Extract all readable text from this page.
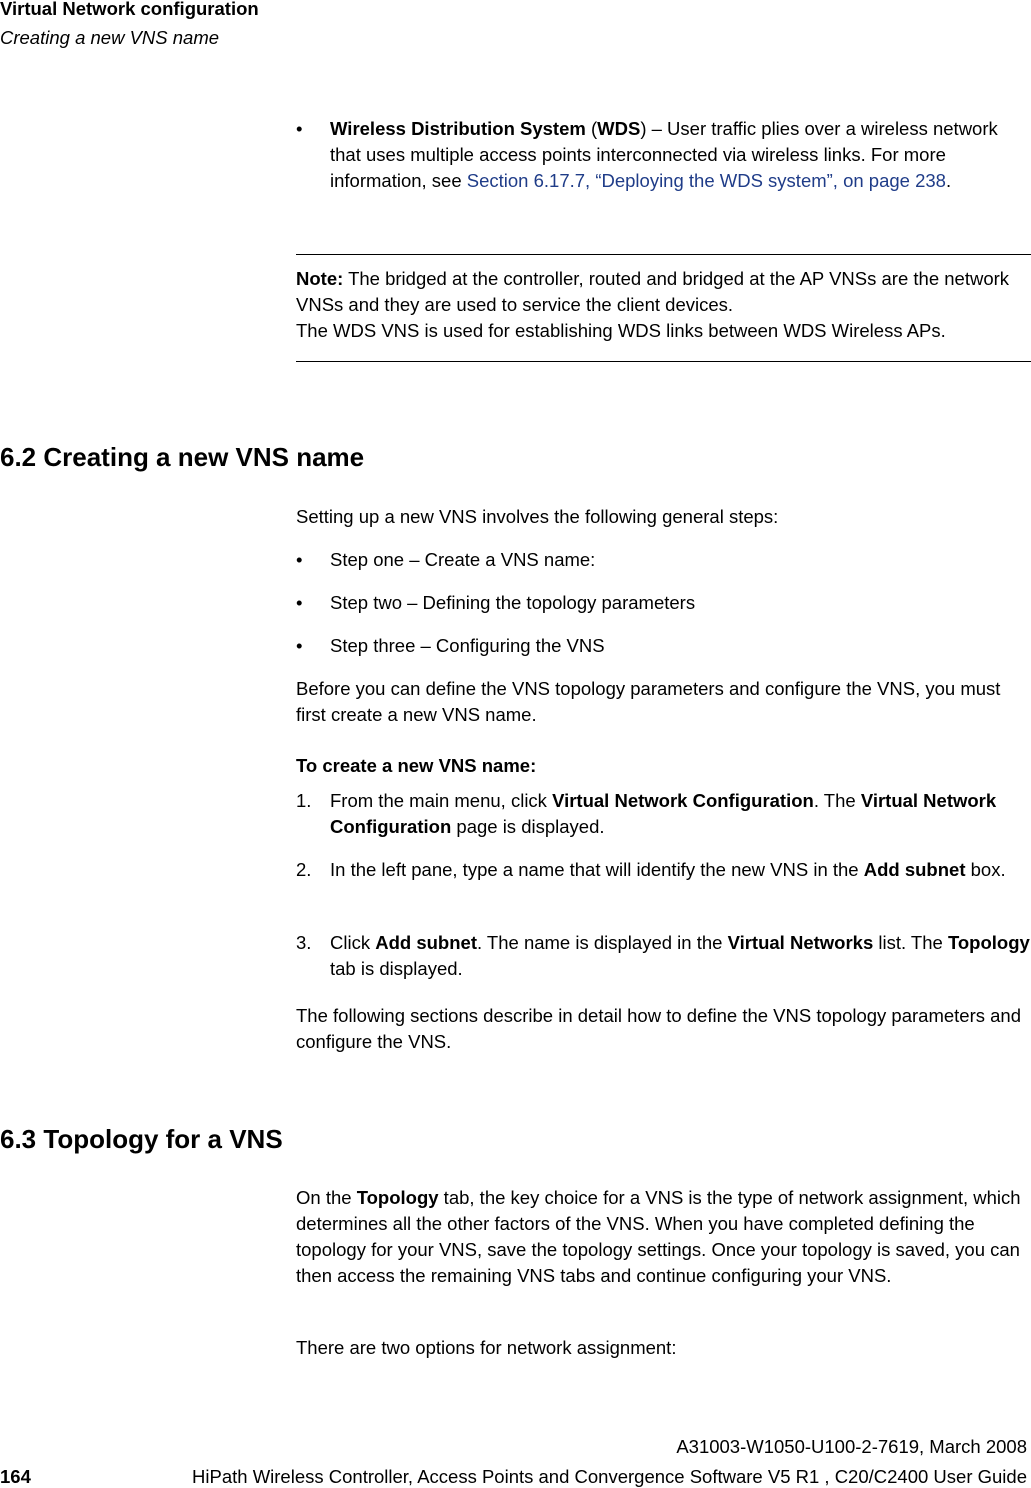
Virtual Network configuration
Creating a new VNS name
• Wireless Distribution System (WDS) – User traffic plies over a wireless network that uses multiple access points interconnected via wireless links. For more information, see Section 6.17.7, “Deploying the WDS system”, on page 238.
Note: The bridged at the controller, routed and bridged at the AP VNSs are the network VNSs and they are used to service the client devices.
The WDS VNS is used for establishing WDS links between WDS Wireless APs.
6.2 Creating a new VNS name
Setting up a new VNS involves the following general steps:
• Step one – Create a VNS name:
• Step two – Defining the topology parameters
• Step three – Configuring the VNS
Before you can define the VNS topology parameters and configure the VNS, you must first create a new VNS name.
To create a new VNS name:
1. From the main menu, click Virtual Network Configuration. The Virtual Network Configuration page is displayed.
2. In the left pane, type a name that will identify the new VNS in the Add subnet box.
3. Click Add subnet. The name is displayed in the Virtual Networks list. The Topology tab is displayed.
The following sections describe in detail how to define the VNS topology parameters and configure the VNS.
6.3 Topology for a VNS
On the Topology tab, the key choice for a VNS is the type of network assignment, which determines all the other factors of the VNS. When you have completed defining the topology for your VNS, save the topology settings. Once your topology is saved, you can then access the remaining VNS tabs and continue configuring your VNS.
There are two options for network assignment:
A31003-W1050-U100-2-7619, March 2008
164	HiPath Wireless Controller, Access Points and Convergence Software V5 R1 , C20/C2400 User Guide
